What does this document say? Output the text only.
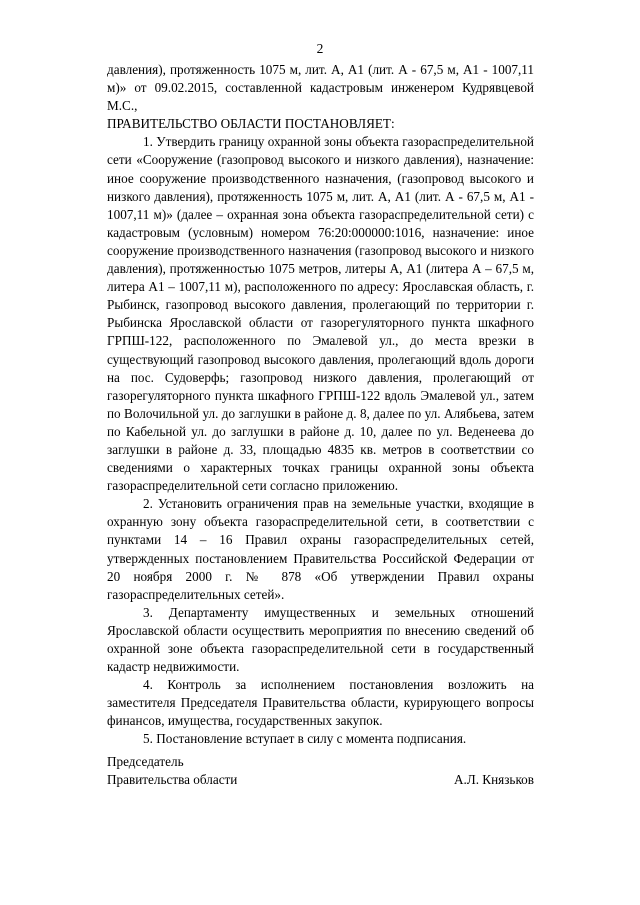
2

давления), протяженность 1075 м, лит. А, А1 (лит. А - 67,5 м, А1 - 1007,11 м)» от 09.02.2015, составленной кадастровым инженером Кудрявцевой М.С.,

ПРАВИТЕЛЬСТВО ОБЛАСТИ ПОСТАНОВЛЯЕТ:

1. Утвердить границу охранной зоны объекта газораспределительной сети «Сооружение (газопровод высокого и низкого давления), назначение: иное сооружение производственного назначения, (газопровод высокого и низкого давления), протяженность 1075 м, лит. А, А1 (лит. А - 67,5 м, А1 - 1007,11 м)» (далее – охранная зона объекта газораспределительной сети) с кадастровым (условным) номером 76:20:000000:1016, назначение: иное сооружение производственного назначения (газопровод высокого и низкого давления), протяженностью 1075 метров, литеры А, А1 (литера А – 67,5 м, литера А1 – 1007,11 м), расположенного по адресу: Ярославская область, г. Рыбинск, газопровод высокого давления, пролегающий по территории г. Рыбинска Ярославской области от газорегуляторного пункта шкафного ГРПШ-122, расположенного по Эмалевой ул., до места врезки в существующий газопровод высокого давления, пролегающий вдоль дороги на пос. Судоверфь; газопровод низкого давления, пролегающий от газорегуляторного пункта шкафного ГРПШ-122 вдоль Эмалевой ул., затем по Волочильной ул. до заглушки в районе д. 8, далее по ул. Алябьева, затем по Кабельной ул. до заглушки в районе д. 10, далее по ул. Веденеева до заглушки в районе д. 33, площадью 4835 кв. метров в соответствии со сведениями о характерных точках границы охранной зоны объекта газораспределительной сети согласно приложению.

2. Установить ограничения прав на земельные участки, входящие в охранную зону объекта газораспределительной сети, в соответствии с пунктами 14 – 16 Правил охраны газораспределительных сетей, утвержденных постановлением Правительства Российской Федерации от 20 ноября 2000 г. № 878 «Об утверждении Правил охраны газораспределительных сетей».

3. Департаменту имущественных и земельных отношений Ярославской области осуществить мероприятия по внесению сведений об охранной зоне объекта газораспределительной сети в государственный кадастр недвижимости.

4. Контроль за исполнением постановления возложить на заместителя Председателя Правительства области, курирующего вопросы финансов, имущества, государственных закупок.

5. Постановление вступает в силу с момента подписания.

Председатель
Правительства области	А.Л. Князьков
